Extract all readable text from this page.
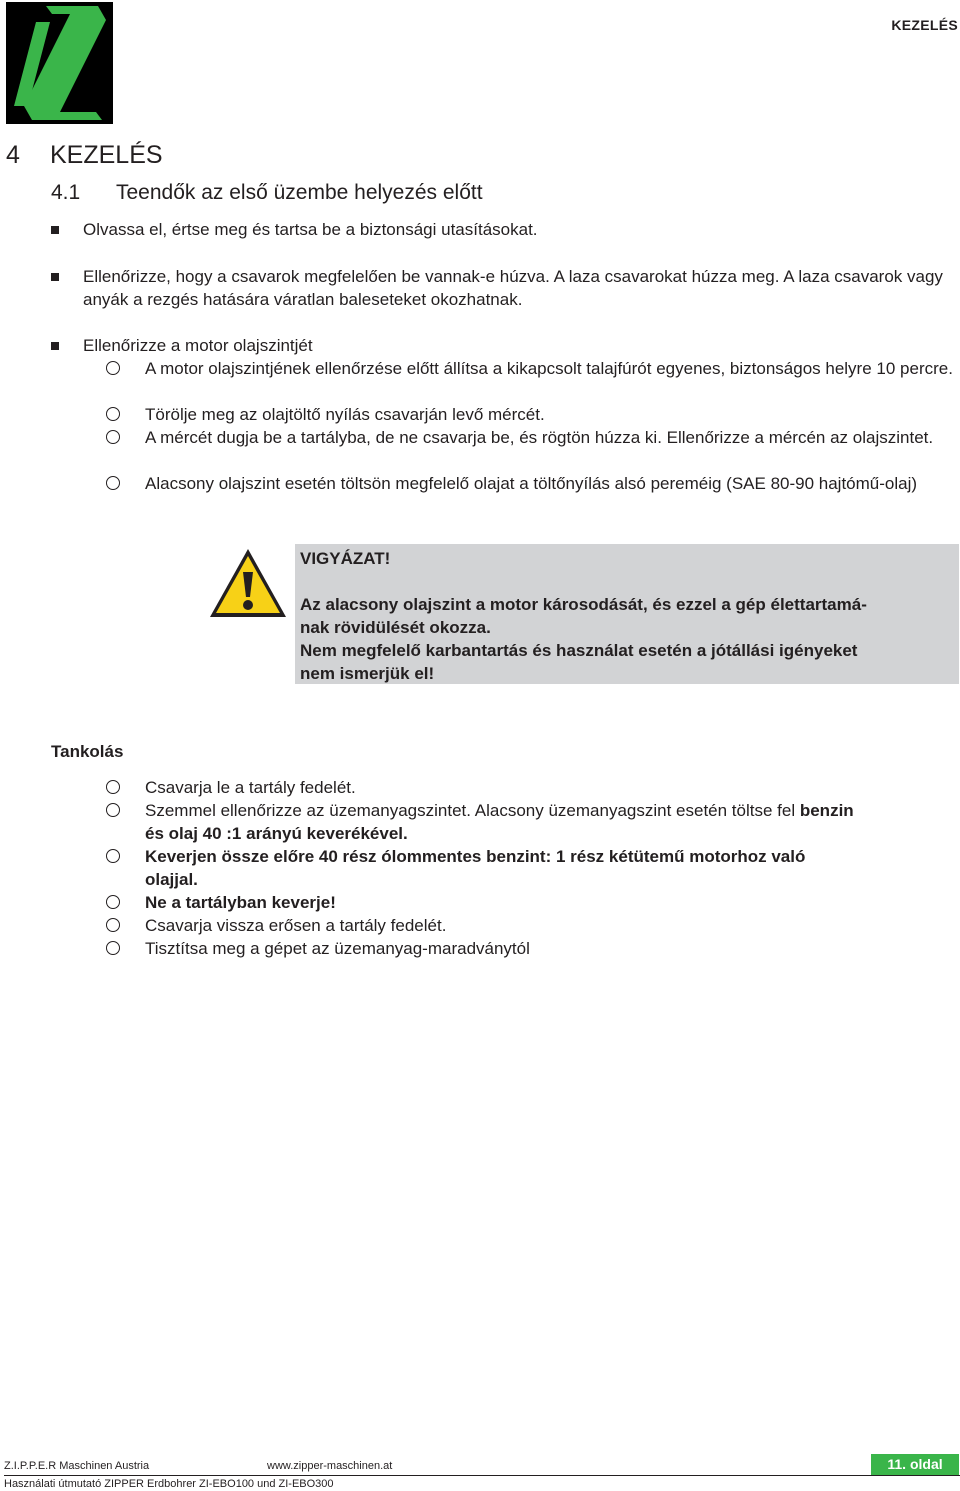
KEZELÉS
4 KEZELÉS
4.1 Teendők az első üzembe helyezés előtt
Olvassa el, értse meg és tartsa be a biztonsági utasításokat.
Ellenőrizze, hogy a csavarok megfelelően be vannak-e húzva. A laza csavarokat húzza meg. A laza csavarok vagy anyák a rezgés hatására váratlan baleseteket okozhatnak.
Ellenőrizze a motor olajszintjét
A motor olajszintjének ellenőrzése előtt állítsa a kikapcsolt talajfúrót egyenes, biztonságos helyre 10 percre.
Törölje meg az olajtöltő nyílás csavarján levő mércét.
A mércét dugja be a tartályba, de ne csavarja be, és rögtön húzza ki. Ellenőrizze a mércén az olajszintet.
Alacsony olajszint esetén töltsön megfelelő olajat a töltőnyílás alsó pereméig (SAE 80-90 hajtómű-olaj)
VIGYÁZAT!
Az alacsony olajszint a motor károsodását, és ezzel a gép élettartamá-
nak rövidülését okozza.
Nem megfelelő karbantartás és használat esetén a jótállási igényeket
nem ismerjük el!
Tankolás
Csavarja le a tartály fedelét.
Szemmel ellenőrizze az üzemanyagszintet. Alacsony üzemanyagszint esetén töltse fel benzin
és olaj 40 :1 arányú keverékével.
Keverjen össze előre 40 rész ólommentes benzint: 1 rész kétütemű motorhoz való
olajjal.
Ne a tartályban keverje!
Csavarja vissza erősen a tartály fedelét.
Tisztítsa meg a gépet az üzemanyag-maradványtól
Z.I.P.P.E.R Maschinen Austria	www.zipper-maschinen.at	11. oldal
Használati útmutató ZIPPER Erdbohrer ZI-EBO100 und ZI-EBO300
